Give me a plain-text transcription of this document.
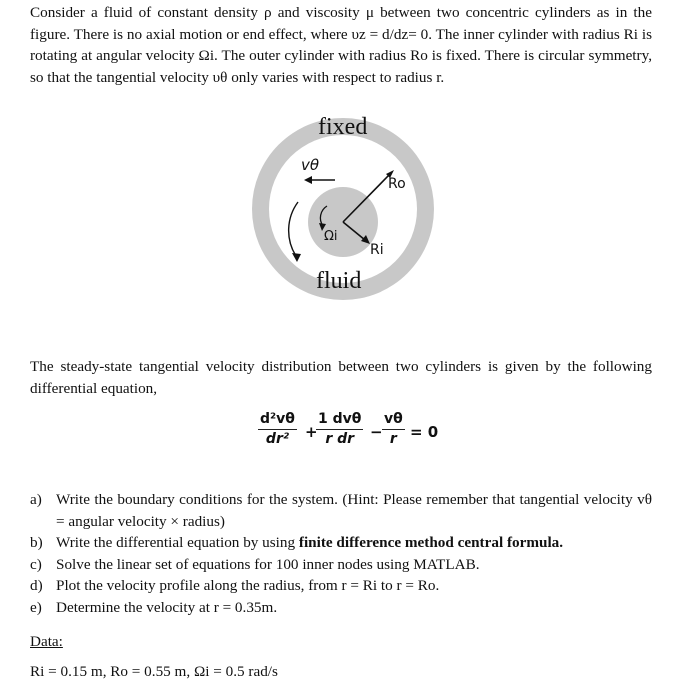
Consider a fluid of constant density ρ and viscosity μ between two concentric cylinders as in the figure. There is no axial motion or end effect, where υz = d/dz= 0. The inner cylinder with radius Ri is rotating at angular velocity Ωi. The outer cylinder with radius Ro is fixed. There is circular symmetry, so that the tangential velocity υθ only varies with respect to radius r.

fixed
fluid
vθ
Ωi
Ro
Ri

The steady-state tangential velocity distribution between two cylinders is given by the following differential equation,

$\frac{\text{d²vθ}}{\text{dr²}}$ +
1 dvθ
r dr	− $\frac{v\theta}{r} = 0$
a) Write the boundary conditions for the system. (Hint: Please remember that tangential velocity vθ = angular velocity × radius)
b) Write the differential equation by using finite difference method central formula.
c) Solve the linear set of equations for 100 inner nodes using MATLAB.
d) Plot the velocity profile along the radius, from r = Ri to r = Ro.
e) Determine the velocity at r = 0.35m.

Data:

Ri = 0.15 m, Ro = 0.55 m, Ωi = 0.5 rad/s
